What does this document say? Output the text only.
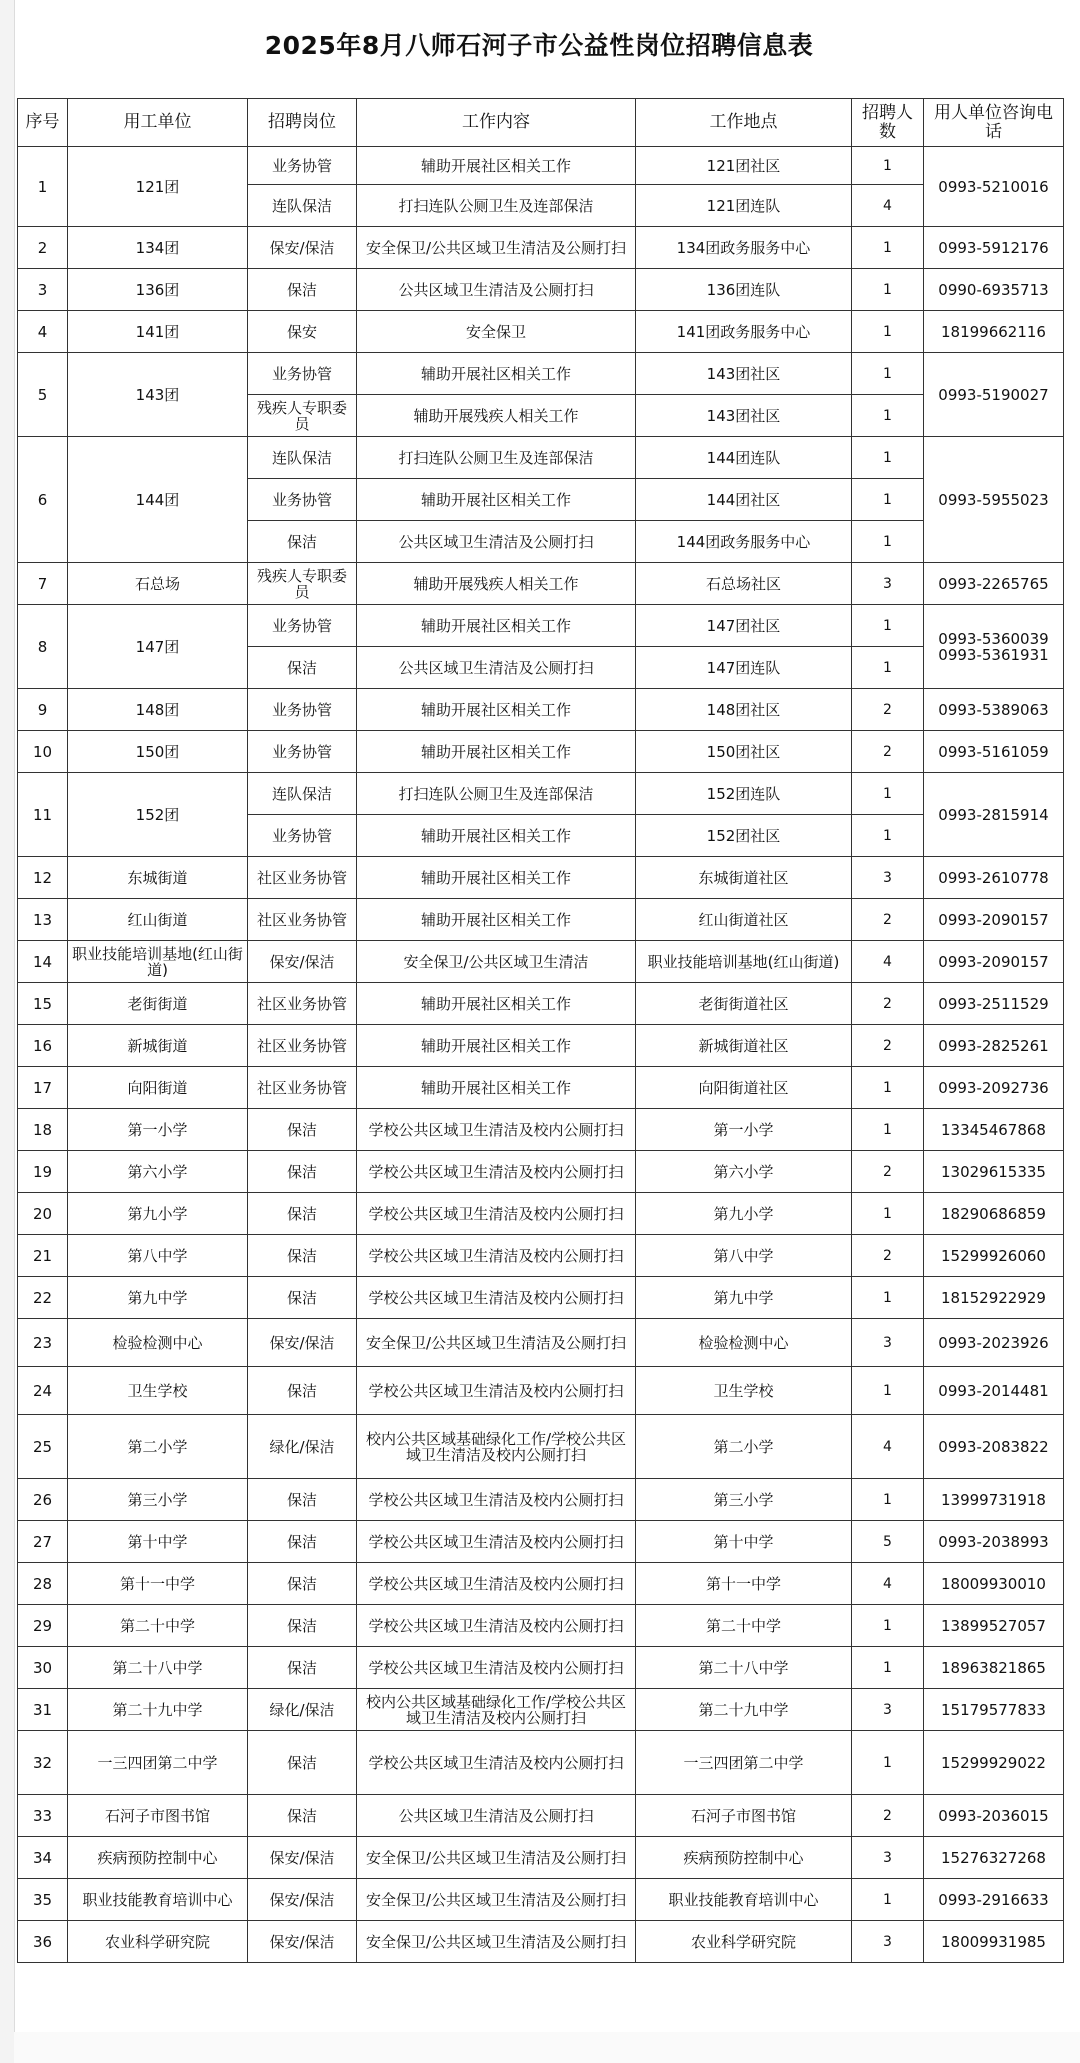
2025年8月八师石河子市公益性岗位招聘信息表
序号	用工单位	招聘岗位	工作内容	工作地点	招聘人数	用人单位咨询电话
1	121团	业务协管	辅助开展社区相关工作	121团社区	1	0993-5210016
		连队保洁	打扫连队公厕卫生及连部保洁	121团连队	4	
2	134团	保安/保洁	安全保卫/公共区域卫生清洁及公厕打扫	134团政务服务中心	1	0993-5912176
3	136团	保洁	公共区域卫生清洁及公厕打扫	136团连队	1	0990-6935713
4	141团	保安	安全保卫	141团政务服务中心	1	18199662116
5	143团	业务协管	辅助开展社区相关工作	143团社区	1	0993-5190027
		残疾人专职委员	辅助开展残疾人相关工作	143团社区	1	
6	144团	连队保洁	打扫连队公厕卫生及连部保洁	144团连队	1	0993-5955023
		业务协管	辅助开展社区相关工作	144团社区	1	
		保洁	公共区域卫生清洁及公厕打扫	144团政务服务中心	1	
7	石总场	残疾人专职委员	辅助开展残疾人相关工作	石总场社区	3	0993-2265765
8	147团	业务协管	辅助开展社区相关工作	147团社区	1	0993-5360039 0993-5361931
		保洁	公共区域卫生清洁及公厕打扫	147团连队	1	
9	148团	业务协管	辅助开展社区相关工作	148团社区	2	0993-5389063
10	150团	业务协管	辅助开展社区相关工作	150团社区	2	0993-5161059
11	152团	连队保洁	打扫连队公厕卫生及连部保洁	152团连队	1	0993-2815914
		业务协管	辅助开展社区相关工作	152团社区	1	
12	东城街道	社区业务协管	辅助开展社区相关工作	东城街道社区	3	0993-2610778
13	红山街道	社区业务协管	辅助开展社区相关工作	红山街道社区	2	0993-2090157
14	职业技能培训基地(红山街道)	保安/保洁	安全保卫/公共区域卫生清洁	职业技能培训基地(红山街道)	4	0993-2090157
15	老街街道	社区业务协管	辅助开展社区相关工作	老街街道社区	2	0993-2511529
16	新城街道	社区业务协管	辅助开展社区相关工作	新城街道社区	2	0993-2825261
17	向阳街道	社区业务协管	辅助开展社区相关工作	向阳街道社区	1	0993-2092736
18	第一小学	保洁	学校公共区域卫生清洁及校内公厕打扫	第一小学	1	13345467868
19	第六小学	保洁	学校公共区域卫生清洁及校内公厕打扫	第六小学	2	13029615335
20	第九小学	保洁	学校公共区域卫生清洁及校内公厕打扫	第九小学	1	18290686859
21	第八中学	保洁	学校公共区域卫生清洁及校内公厕打扫	第八中学	2	15299926060
22	第九中学	保洁	学校公共区域卫生清洁及校内公厕打扫	第九中学	1	18152922929
23	检验检测中心	保安/保洁	安全保卫/公共区域卫生清洁及公厕打扫	检验检测中心	3	0993-2023926
24	卫生学校	保洁	学校公共区域卫生清洁及校内公厕打扫	卫生学校	1	0993-2014481
25	第二小学	绿化/保洁	校内公共区域基础绿化工作/学校公共区域卫生清洁及校内公厕打扫	第二小学	4	0993-2083822
26	第三小学	保洁	学校公共区域卫生清洁及校内公厕打扫	第三小学	1	13999731918
27	第十中学	保洁	学校公共区域卫生清洁及校内公厕打扫	第十中学	5	0993-2038993
28	第十一中学	保洁	学校公共区域卫生清洁及校内公厕打扫	第十一中学	4	18009930010
29	第二十中学	保洁	学校公共区域卫生清洁及校内公厕打扫	第二十中学	1	13899527057
30	第二十八中学	保洁	学校公共区域卫生清洁及校内公厕打扫	第二十八中学	1	18963821865
31	第二十九中学	绿化/保洁	校内公共区域基础绿化工作/学校公共区域卫生清洁及校内公厕打扫	第二十九中学	3	15179577833
32	一三四团第二中学	保洁	学校公共区域卫生清洁及校内公厕打扫	一三四团第二中学	1	15299929022
33	石河子市图书馆	保洁	公共区域卫生清洁及公厕打扫	石河子市图书馆	2	0993-2036015
34	疾病预防控制中心	保安/保洁	安全保卫/公共区域卫生清洁及公厕打扫	疾病预防控制中心	3	15276327268
35	职业技能教育培训中心	保安/保洁	安全保卫/公共区域卫生清洁及公厕打扫	职业技能教育培训中心	1	0993-2916633
36	农业科学研究院	保安/保洁	安全保卫/公共区域卫生清洁及公厕打扫	农业科学研究院	3	18009931985
